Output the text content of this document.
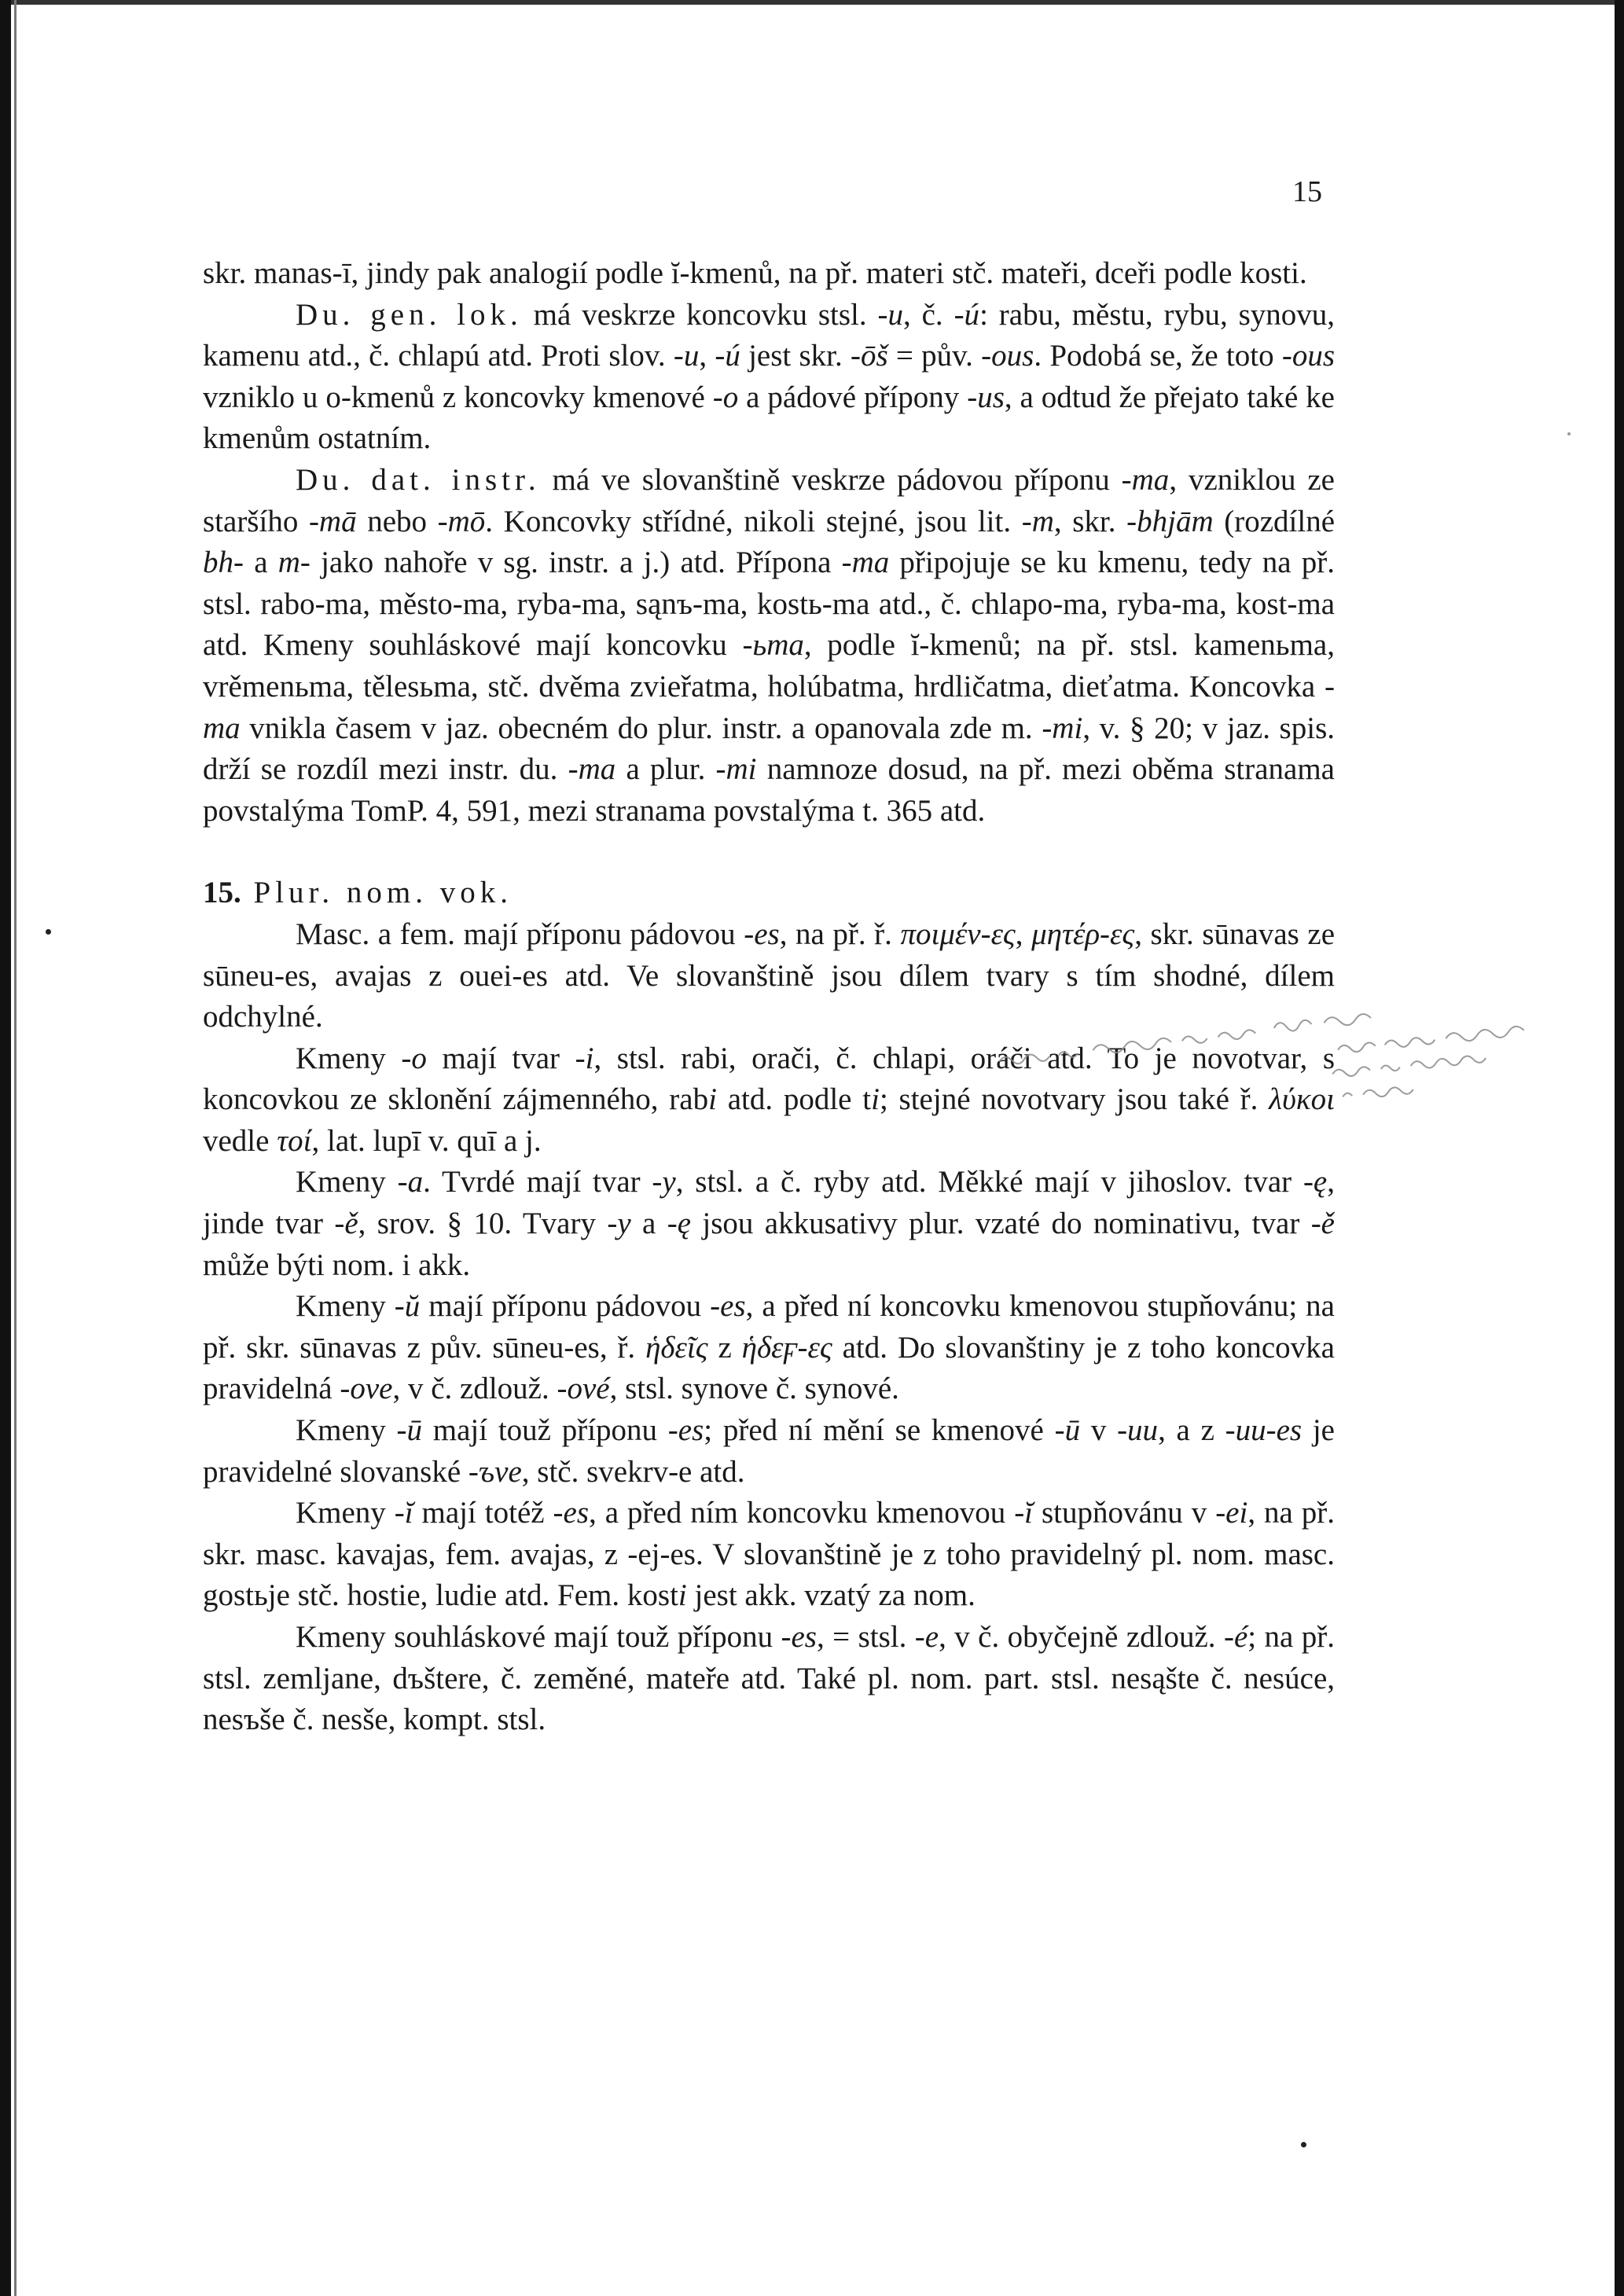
15

skr. manas-ī, jindy pak analogií podle ĭ-kmenů, na př. materi stč. mateři, dceři podle kosti.

Du. gen. lok. má veskrze koncovku stsl. -u, č. -ú: rabu, městu, rybu, synovu, kamenu atd., č. chlapú atd. Proti slov. -u, -ú jest skr. -ōš = pův. -ous. Podobá se, že toto -ous vzniklo u o-kmenů z koncovky kmenové -o a pádové přípony -us, a odtud že přejato také ke kmenům ostatním.

Du. dat. instr. má ve slovanštině veskrze pádovou příponu -ma, vzniklou ze staršího -mā nebo -mō. Koncovky střídné, nikoli stejné, jsou lit. -m, skr. -bhjām (rozdílné bh- a m- jako nahoře v sg. instr. a j.) atd. Přípona -ma připojuje se ku kmenu, tedy na př. stsl. rabo-ma, město-ma, ryba-ma, sąnъ-ma, kostь-ma atd., č. chlapo-ma, ryba-ma, kost-ma atd. Kmeny souhláskové mají koncovku -ьma, podle ĭ-kmenů; na př. stsl. kamenьma, vrěmenьma, tělesьma, stč. dvěma zvieřatma, holúbatma, hrdličatma, dieťatma. Koncovka -ma vnikla časem v jaz. obecném do plur. instr. a opanovala zde m. -mi, v. § 20; v jaz. spis. drží se rozdíl mezi instr. du. -ma a plur. -mi namnoze dosud, na př. mezi oběma stranama povstalýma TomP. 4, 591, mezi stranama povstalýma t. 365 atd.

15. Plur. nom. vok.

Masc. a fem. mají příponu pádovou -es, na př. ř. ποιμέν-ες, μητέρ-ες, skr. sūnavas ze sūneu-es, avajas z ouei-es atd. Ve slovanštině jsou dílem tvary s tím shodné, dílem odchylné.

Kmeny -o mají tvar -i, stsl. rabi, orači, č. chlapi, oráči atd. To je novotvar, s koncovkou ze sklonění zájmenného, rabi atd. podle ti; stejné novotvary jsou také ř. λύκοι vedle τοί, lat. lupī v. quī a j.

Kmeny -a. Tvrdé mají tvar -y, stsl. a č. ryby atd. Měkké mají v jihoslov. tvar -ę, jinde tvar -ě, srov. § 10. Tvary -y a -ę jsou akkusativy plur. vzaté do nominativu, tvar -ě může býti nom. i akk.

Kmeny -ŭ mají příponu pádovou -es, a před ní koncovku kmenovou stupňovánu; na př. skr. sūnavas z pův. sūneu-es, ř. ἡδεῖς z ἡδεϝ-ες atd. Do slovanštiny je z toho koncovka pravidelná -ove, v č. zdlouž. -ové, stsl. synove č. synové.

Kmeny -ū mají touž příponu -es; před ní mění se kmenové -ū v -uu, a z -uu-es je pravidelné slovanské -ъve, stč. svekrv-e atd.

Kmeny -ĭ mají totéž -es, a před ním koncovku kmenovou -ĭ stupňovánu v -ei, na př. skr. masc. kavajas, fem. avajas, z -ej-es. V slovanštině je z toho pravidelný pl. nom. masc. gostьje stč. hostie, ludie atd. Fem. kosti jest akk. vzatý za nom.

Kmeny souhláskové mají touž příponu -es, = stsl. -e, v č. obyčejně zdlouž. -é; na př. stsl. zemljane, dъštere, č. zeměné, mateře atd. Také pl. nom. part. stsl. nesąšte č. nesúce, nesъše č. nesše, kompt. stsl.
